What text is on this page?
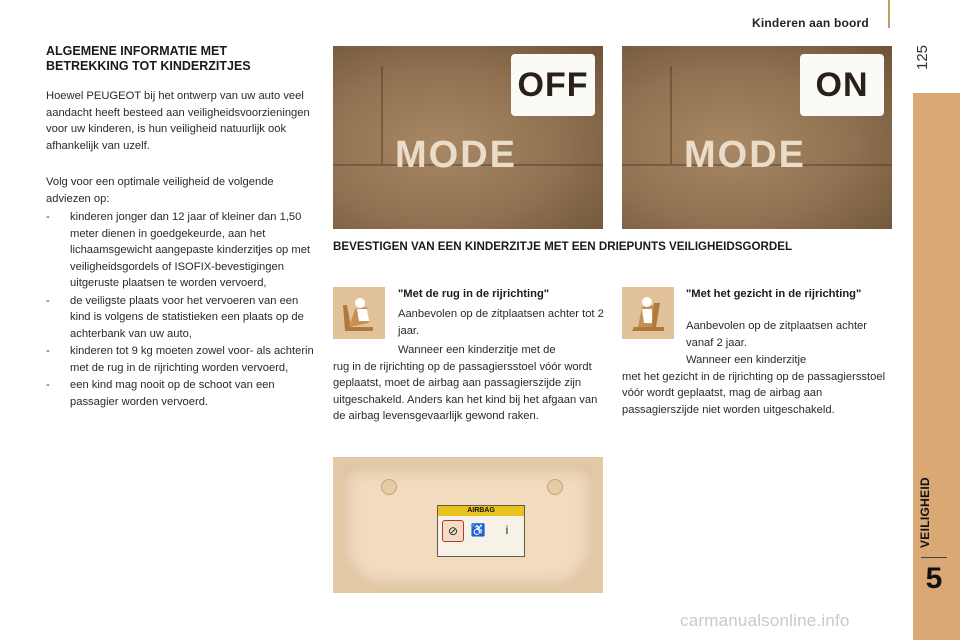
Kinderen aan boord
125
VEILIGHEID
5
ALGEMENE INFORMATIE MET BETREKKING TOT KINDERZITJES
Hoewel PEUGEOT bij het ontwerp van uw auto veel aandacht heeft besteed aan veiligheidsvoorzieningen voor uw kinderen, is hun veiligheid natuurlijk ook afhankelijk van uzelf.
Volg voor een optimale veiligheid de volgende adviezen op:
- kinderen jonger dan 12 jaar of kleiner dan 1,50 meter dienen in goedgekeurde, aan het lichaamsgewicht aangepaste kinderzitjes op met veiligheidsgordels of ISOFIX-bevestigingen uitgeruste plaatsen te worden vervoerd,
- de veiligste plaats voor het vervoeren van een kind is volgens de statistieken een plaats op de achterbank van uw auto,
- kinderen tot 9 kg moeten zowel voor- als achterin met de rug in de rijrichting worden vervoerd,
- een kind mag nooit op de schoot van een passagier worden vervoerd.
OFF
MODE
ON
MODE
BEVESTIGEN VAN EEN KINDERZITJE MET EEN DRIEPUNTS VEILIGHEIDSGORDEL
"Met de rug in de rijrichting"
Aanbevolen op de zitplaatsen achter tot 2 jaar.
Wanneer een kinderzitje met de
rug in de rijrichting op de passagiersstoel vóór wordt geplaatst, moet de airbag aan passagierszijde zijn uitgeschakeld. Anders kan het kind bij het afgaan van de airbag levensgevaarlijk gewond raken.
"Met het gezicht in de rijrichting"
Aanbevolen op de zitplaatsen achter vanaf 2 jaar.
Wanneer een kinderzitje
met het gezicht in de rijrichting op de passagiersstoel vóór wordt geplaatst, mag de airbag aan passagierszijde niet worden uitgeschakeld.
AIRBAG
⊘	♿	i
carmanualsonline.info
